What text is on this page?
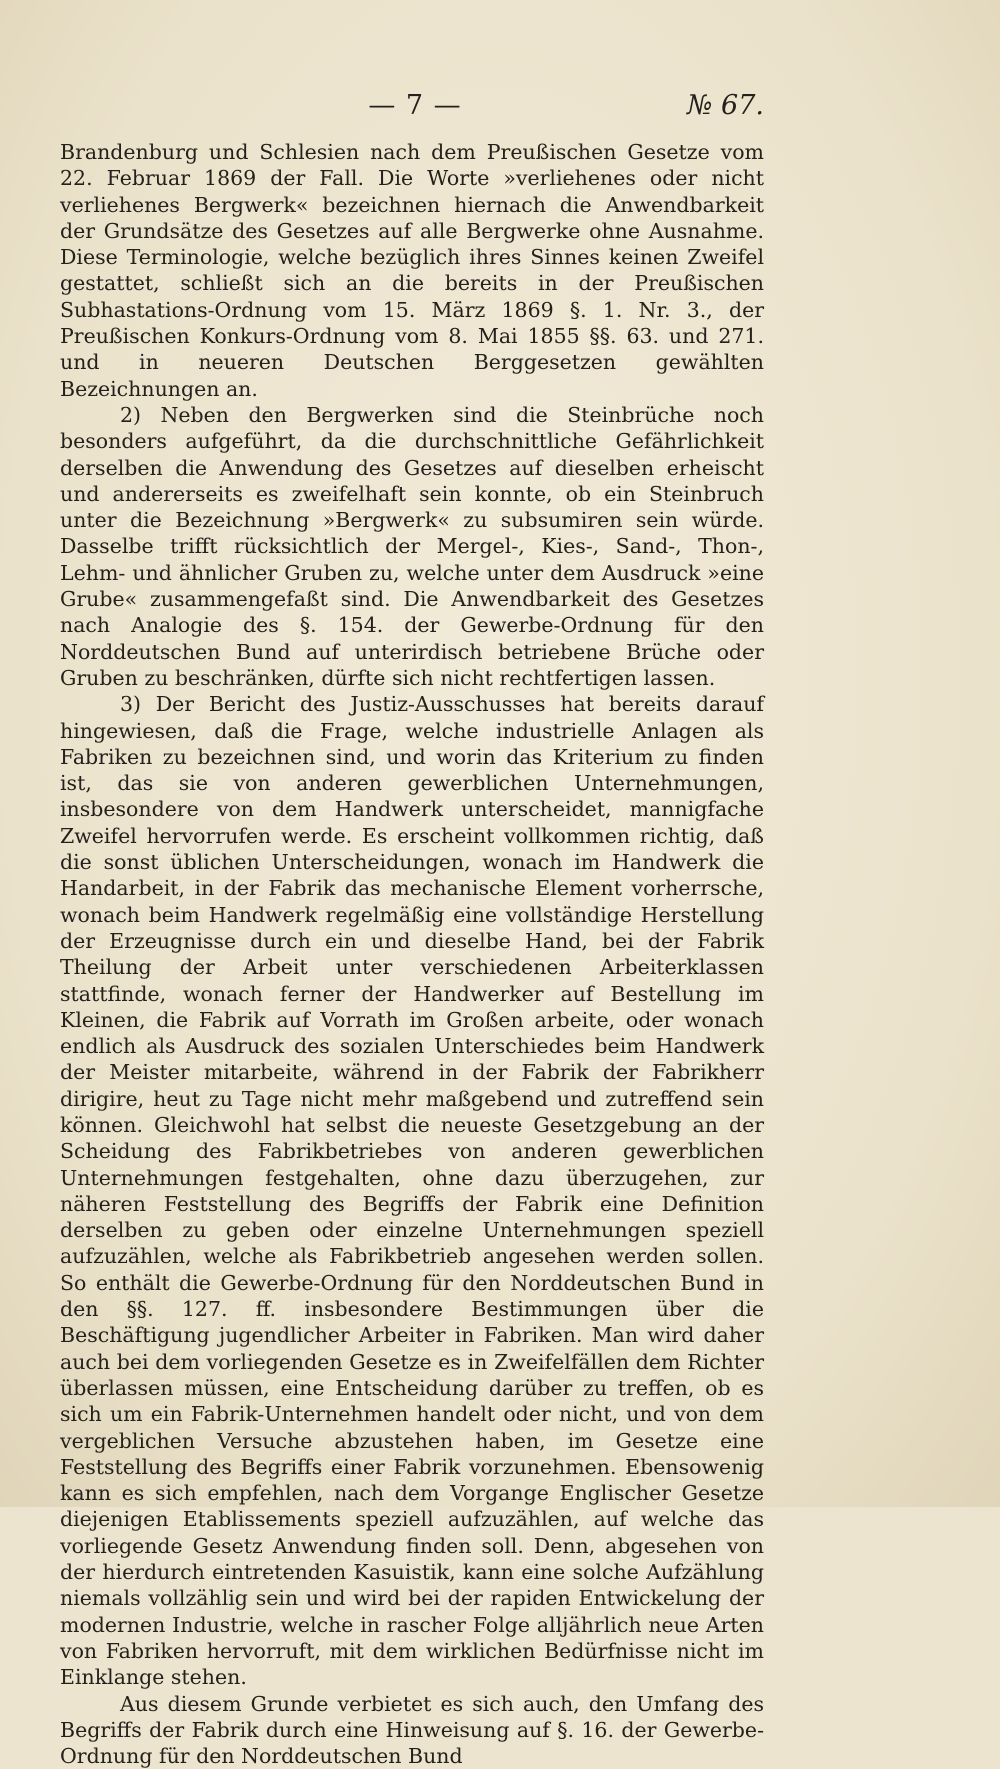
— 7 —	№ 67.

Brandenburg und Schlesien nach dem Preußischen Gesetze vom 22. Februar 1869 der Fall. Die Worte »verliehenes oder nicht verliehenes Bergwerk« bezeichnen hiernach die Anwendbarkeit der Grundsätze des Gesetzes auf alle Bergwerke ohne Ausnahme. Diese Terminologie, welche bezüglich ihres Sinnes keinen Zweifel gestattet, schließt sich an die bereits in der Preußischen Subhastations-Ordnung vom 15. März 1869 §. 1. Nr. 3., der Preußischen Konkurs-Ordnung vom 8. Mai 1855 §§. 63. und 271. und in neueren Deutschen Berggesetzen gewählten Bezeichnungen an.

2) Neben den Bergwerken sind die Steinbrüche noch besonders aufgeführt, da die durchschnittliche Gefährlichkeit derselben die Anwendung des Gesetzes auf dieselben erheischt und andererseits es zweifelhaft sein konnte, ob ein Steinbruch unter die Bezeichnung »Bergwerk« zu subsumiren sein würde. Dasselbe trifft rücksichtlich der Mergel-, Kies-, Sand-, Thon-, Lehm- und ähnlicher Gruben zu, welche unter dem Ausdruck »eine Grube« zusammengefaßt sind. Die Anwendbarkeit des Gesetzes nach Analogie des §. 154. der Gewerbe-Ordnung für den Norddeutschen Bund auf unterirdisch betriebene Brüche oder Gruben zu beschränken, dürfte sich nicht rechtfertigen lassen.

3) Der Bericht des Justiz-Ausschusses hat bereits darauf hingewiesen, daß die Frage, welche industrielle Anlagen als Fabriken zu bezeichnen sind, und worin das Kriterium zu finden ist, das sie von anderen gewerblichen Unternehmungen, insbesondere von dem Handwerk unterscheidet, mannigfache Zweifel hervorrufen werde. Es erscheint vollkommen richtig, daß die sonst üblichen Unterscheidungen, wonach im Handwerk die Handarbeit, in der Fabrik das mechanische Element vorherrsche, wonach beim Handwerk regelmäßig eine vollständige Herstellung der Erzeugnisse durch ein und dieselbe Hand, bei der Fabrik Theilung der Arbeit unter verschiedenen Arbeiterklassen stattfinde, wonach ferner der Handwerker auf Bestellung im Kleinen, die Fabrik auf Vorrath im Großen arbeite, oder wonach endlich als Ausdruck des sozialen Unterschiedes beim Handwerk der Meister mitarbeite, während in der Fabrik der Fabrikherr dirigire, heut zu Tage nicht mehr maßgebend und zutreffend sein können. Gleichwohl hat selbst die neueste Gesetzgebung an der Scheidung des Fabrikbetriebes von anderen gewerblichen Unternehmungen festgehalten, ohne dazu überzugehen, zur näheren Feststellung des Begriffs der Fabrik eine Definition derselben zu geben oder einzelne Unternehmungen speziell aufzuzählen, welche als Fabrikbetrieb angesehen werden sollen. So enthält die Gewerbe-Ordnung für den Norddeutschen Bund in den §§. 127. ff. insbesondere Bestimmungen über die Beschäftigung jugendlicher Arbeiter in Fabriken. Man wird daher auch bei dem vorliegenden Gesetze es in Zweifelfällen dem Richter überlassen müssen, eine Entscheidung darüber zu treffen, ob es sich um ein Fabrik-Unternehmen handelt oder nicht, und von dem vergeblichen Versuche abzustehen haben, im Gesetze eine Feststellung des Begriffs einer Fabrik vorzunehmen. Ebensowenig kann es sich empfehlen, nach dem Vorgange Englischer Gesetze diejenigen Etablissements speziell aufzuzählen, auf welche das vorliegende Gesetz Anwendung finden soll. Denn, abgesehen von der hierdurch eintretenden Kasuistik, kann eine solche Aufzählung niemals vollzählig sein und wird bei der rapiden Entwickelung der modernen Industrie, welche in rascher Folge alljährlich neue Arten von Fabriken hervorruft, mit dem wirklichen Bedürfnisse nicht im Einklange stehen.

Aus diesem Grunde verbietet es sich auch, den Umfang des Begriffs der Fabrik durch eine Hinweisung auf §. 16. der Gewerbe-Ordnung für den Norddeutschen Bund
